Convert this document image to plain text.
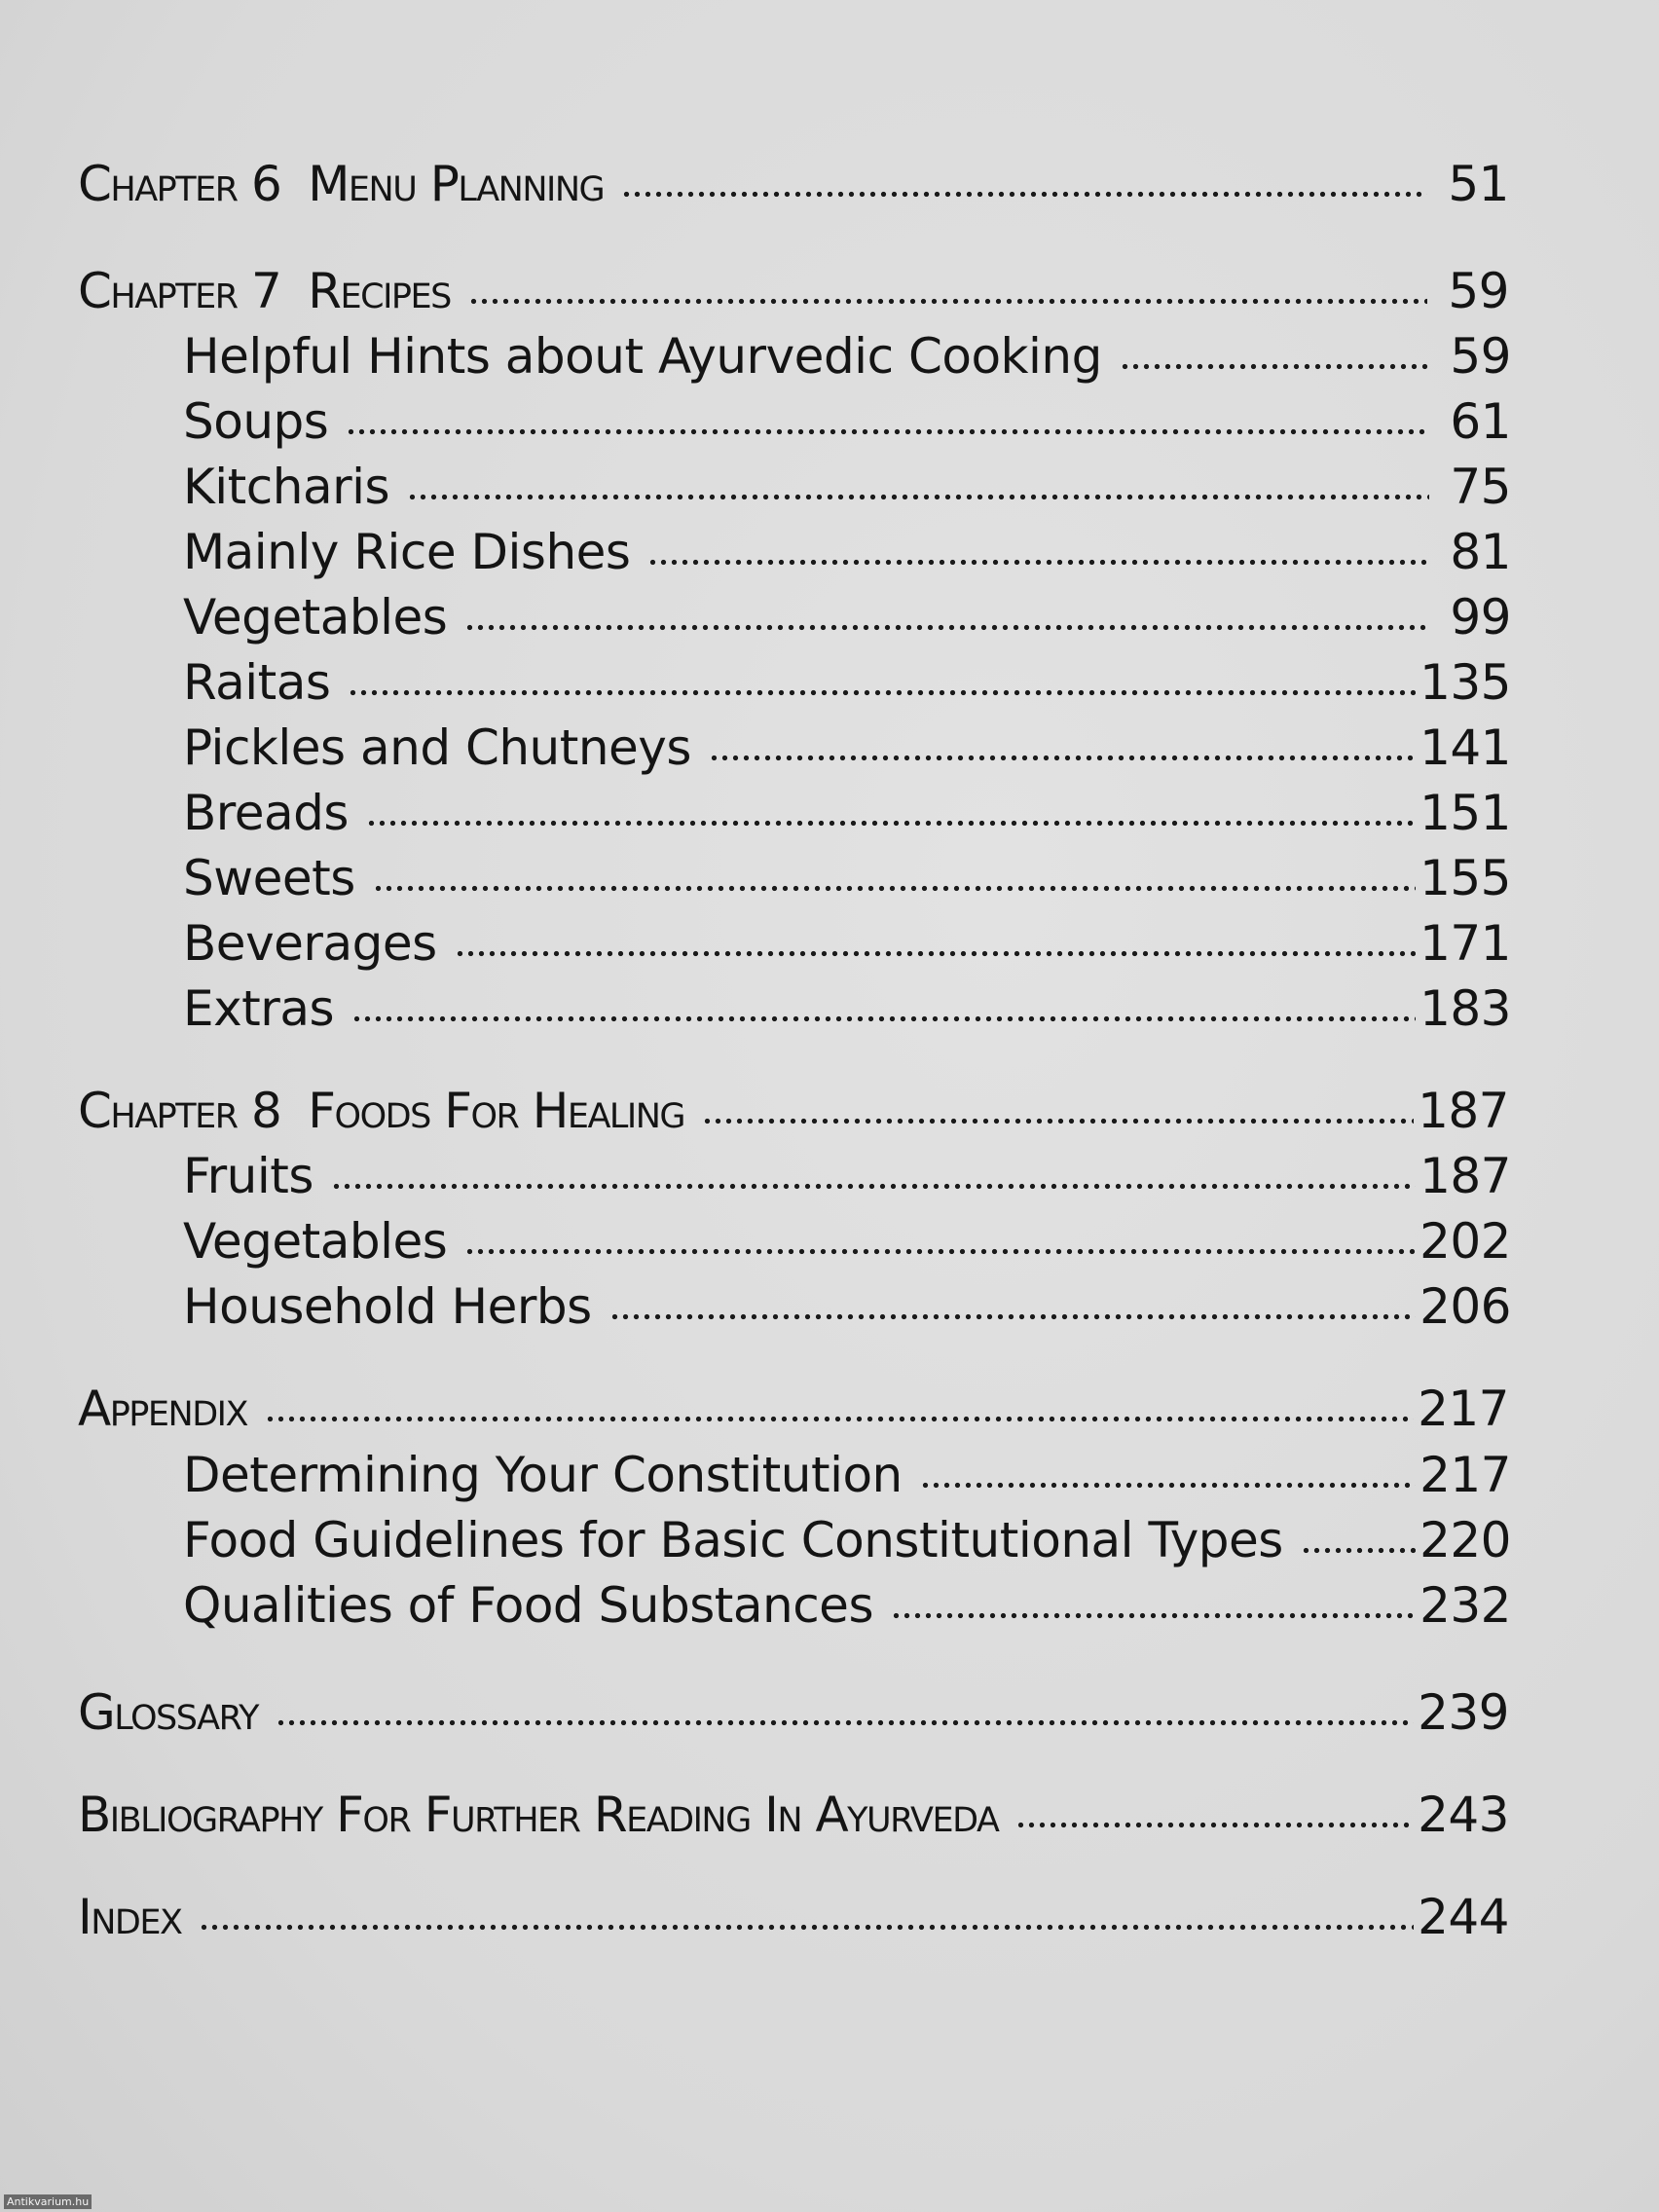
Chapter 6 Menu Planning	51
Chapter 7 Recipes	59
Helpful Hints about Ayurvedic Cooking	59
Soups	61
Kitcharis	75
Mainly Rice Dishes	81
Vegetables	99
Raitas	135
Pickles and Chutneys	141
Breads	151
Sweets	155
Beverages	171
Extras	183
Chapter 8 Foods For Healing	187
Fruits	187
Vegetables	202
Household Herbs	206
Appendix	217
Determining Your Constitution	217
Food Guidelines for Basic Constitutional Types	220
Qualities of Food Substances	232
Glossary	239
Bibliography For Further Reading In Ayurveda	243
Index	244
Antikvarium.hu
